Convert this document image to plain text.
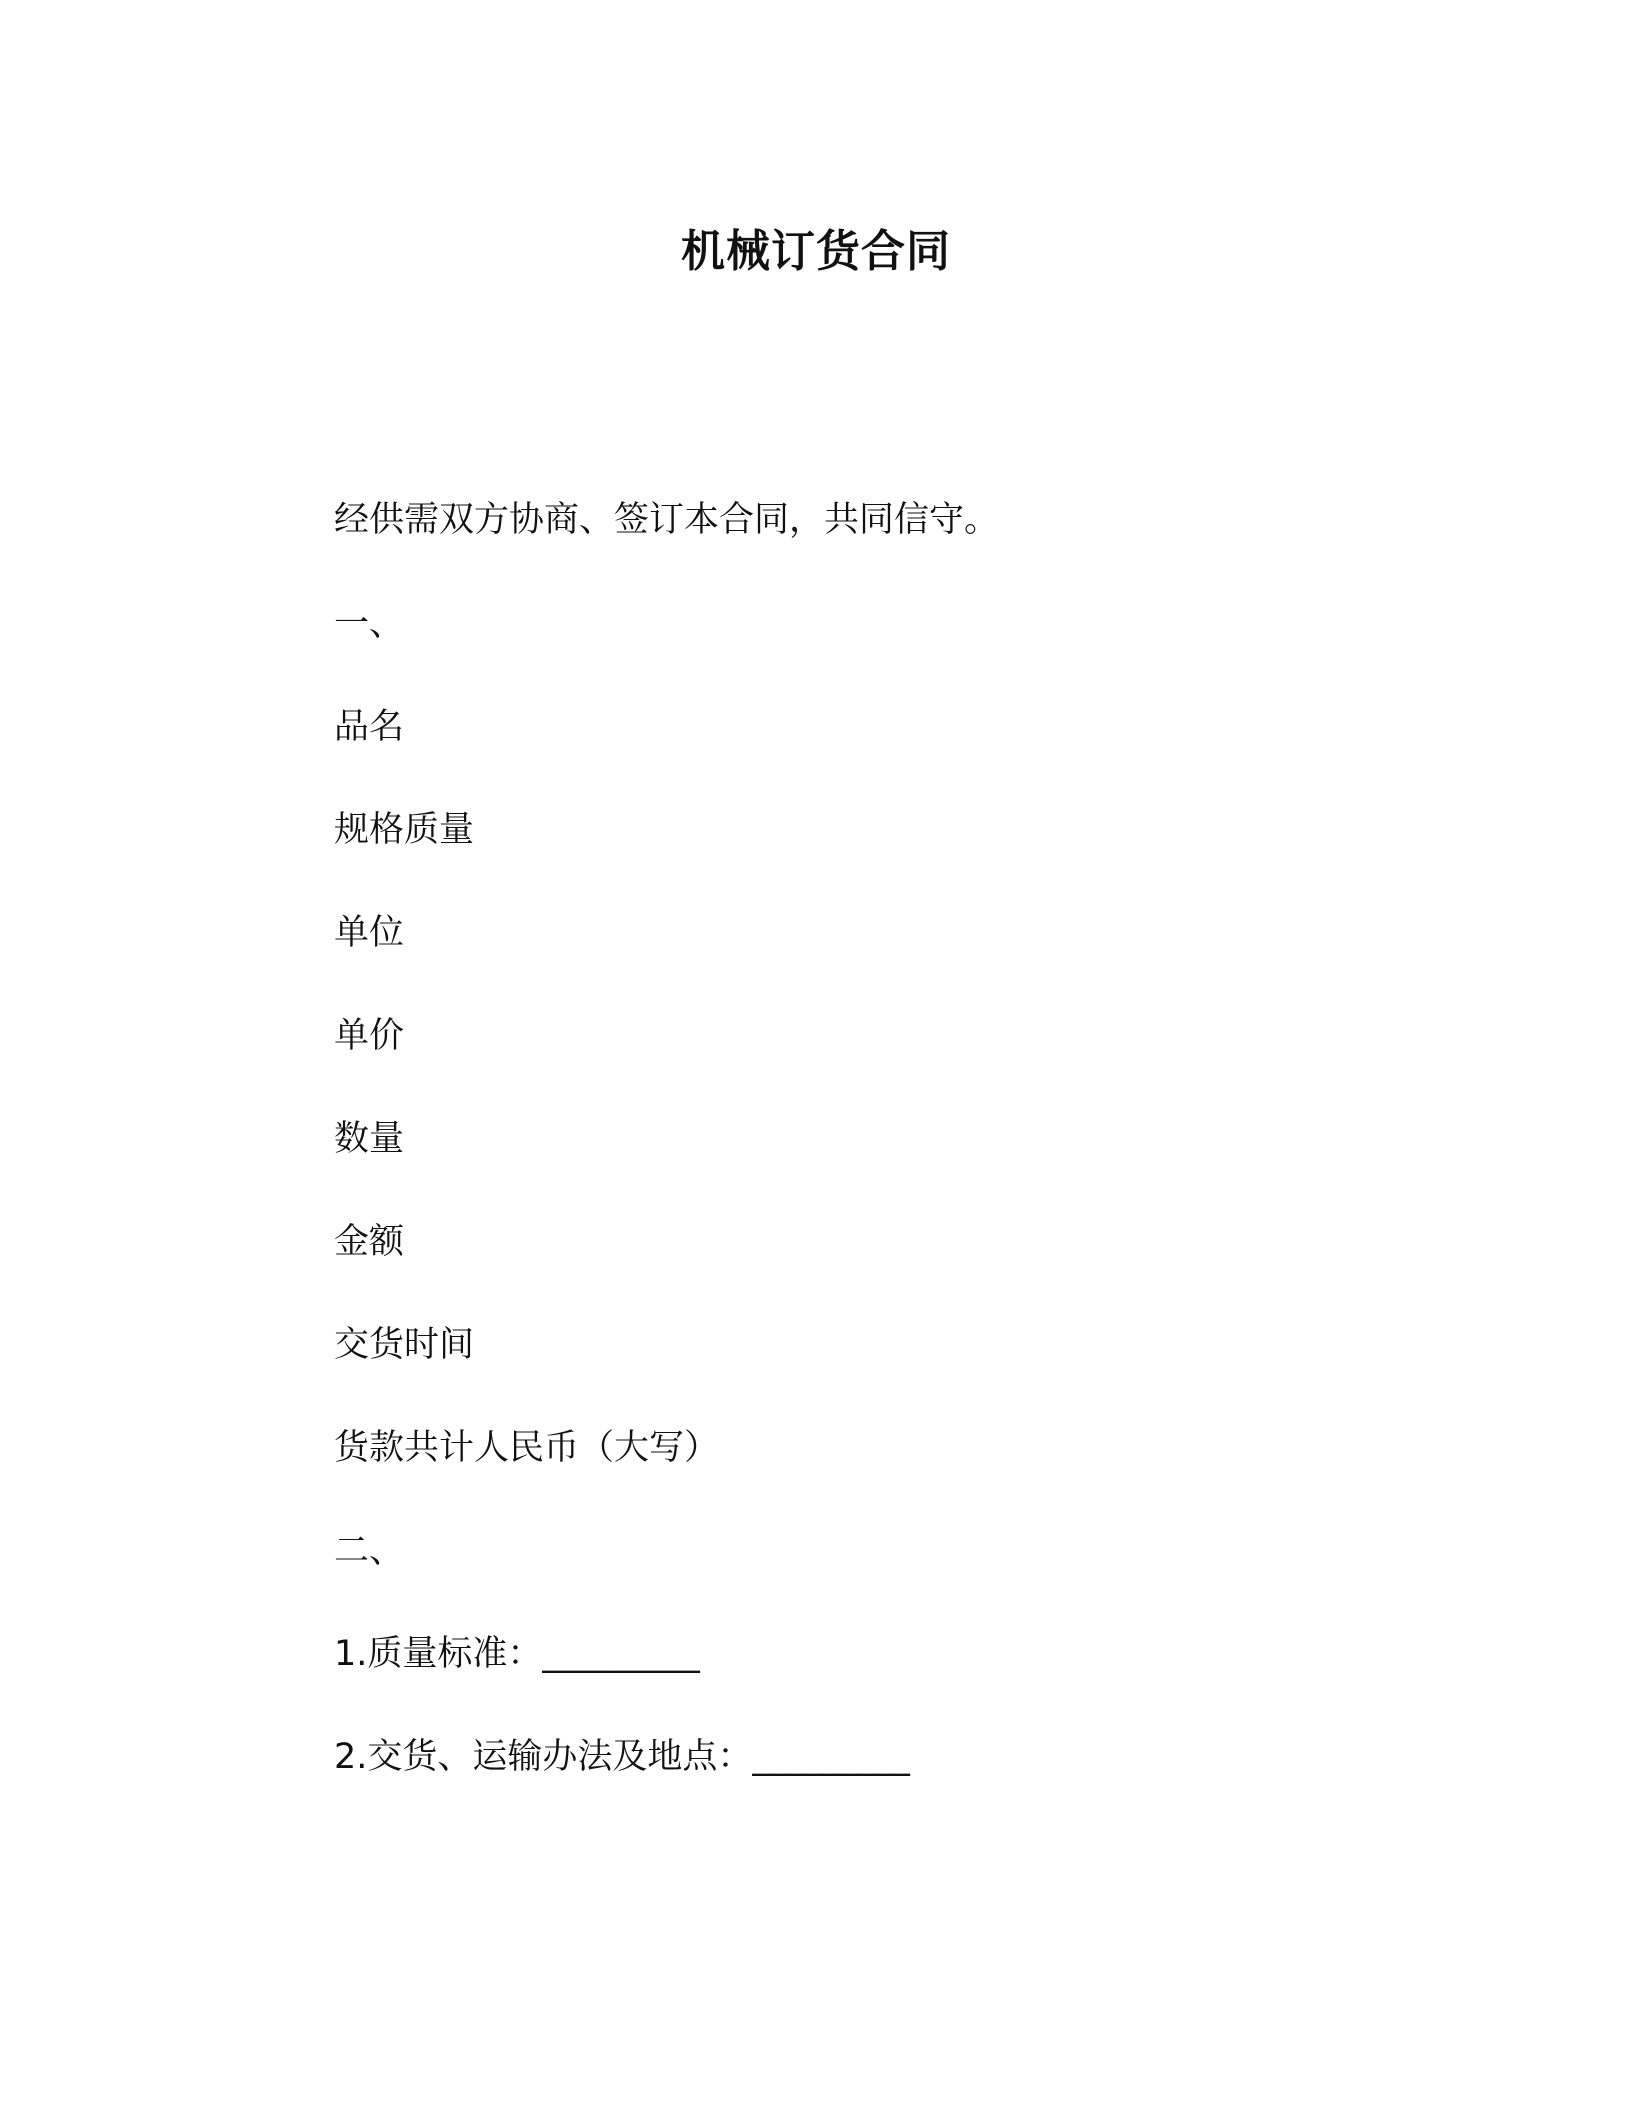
机械订货合同
经供需双方协商、签订本合同，共同信守。
一、
品名
规格质量
单位
单价
数量
金额
交货时间
货款共计人民币（大写）
二、
1.质量标准：_________
2.交货、运输办法及地点：_________
